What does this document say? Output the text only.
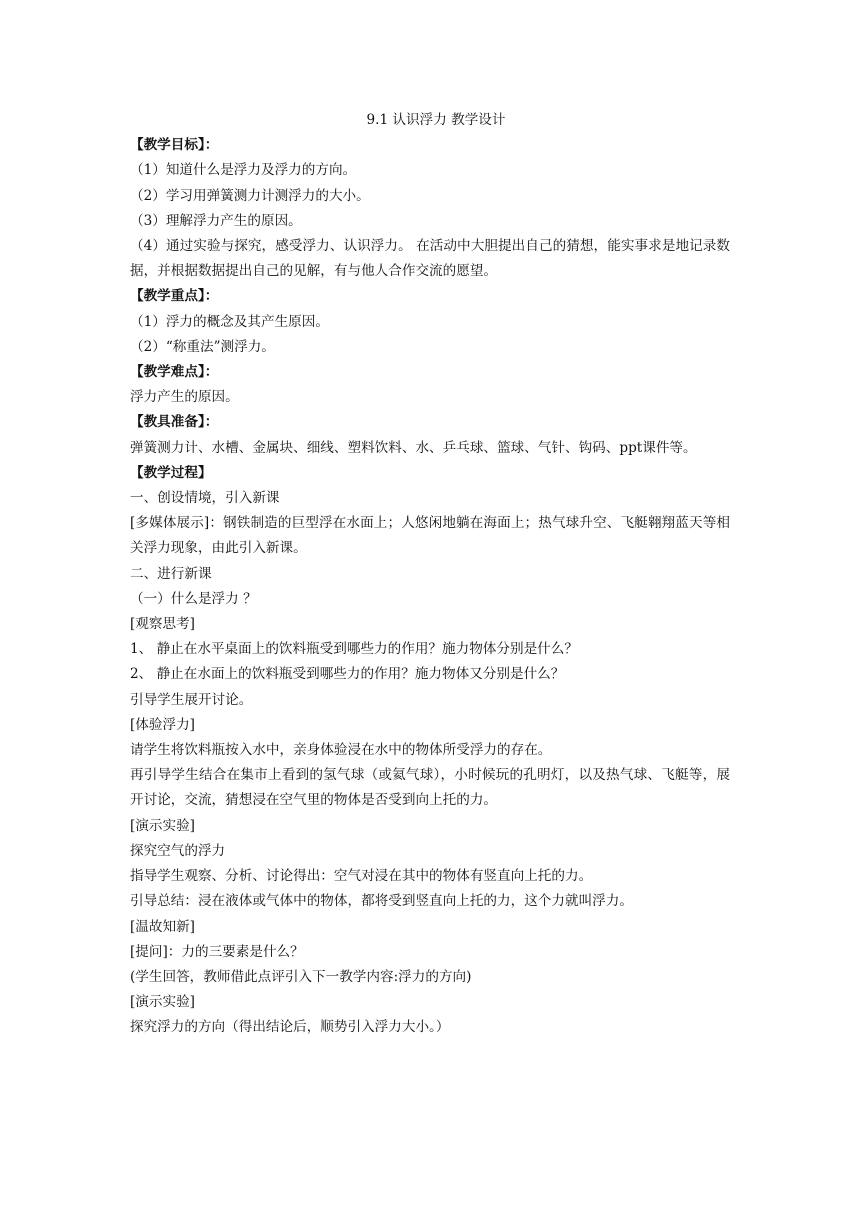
9.1 认识浮力 教学设计

【教学目标】：

（1）知道什么是浮力及浮力的方向。

（2）学习用弹簧测力计测浮力的大小。

（3）理解浮力产生的原因。

（4）通过实验与探究，感受浮力、认识浮力。 在活动中大胆提出自己的猜想，能实事求是地记录数据，并根据数据提出自己的见解，有与他人合作交流的愿望。

【教学重点】：

（1）浮力的概念及其产生原因。

（2）“称重法”测浮力。

【教学难点】：

浮力产生的原因。

【教具准备】：

弹簧测力计、水槽、金属块、细线、塑料饮料、水、乒乓球、篮球、气针、钩码、ppt课件等。

【教学过程】

一、创设情境，引入新课

[多媒体展示]：钢铁制造的巨型浮在水面上；人悠闲地躺在海面上；热气球升空、飞艇翱翔蓝天等相关浮力现象，由此引入新课。

二、进行新课

（一）什么是浮力 ？

[观察思考]

1、 静止在水平桌面上的饮料瓶受到哪些力的作用？施力物体分别是什么？

2、 静止在水面上的饮料瓶受到哪些力的作用？施力物体又分别是什么？

引导学生展开讨论。

[体验浮力]

请学生将饮料瓶按入水中，亲身体验浸在水中的物体所受浮力的存在。

再引导学生结合在集市上看到的氢气球（或氦气球），小时候玩的孔明灯，以及热气球、飞艇等，展开讨论，交流，猜想浸在空气里的物体是否受到向上托的力。

[演示实验]

探究空气的浮力

指导学生观察、分析、讨论得出：空气对浸在其中的物体有竖直向上托的力。

引导总结：浸在液体或气体中的物体，都将受到竖直向上托的力，这个力就叫浮力。

[温故知新]

[提问]：力的三要素是什么？

(学生回答，教师借此点评引入下一教学内容:浮力的方向)

[演示实验]

探究浮力的方向（得出结论后，顺势引入浮力大小。）
